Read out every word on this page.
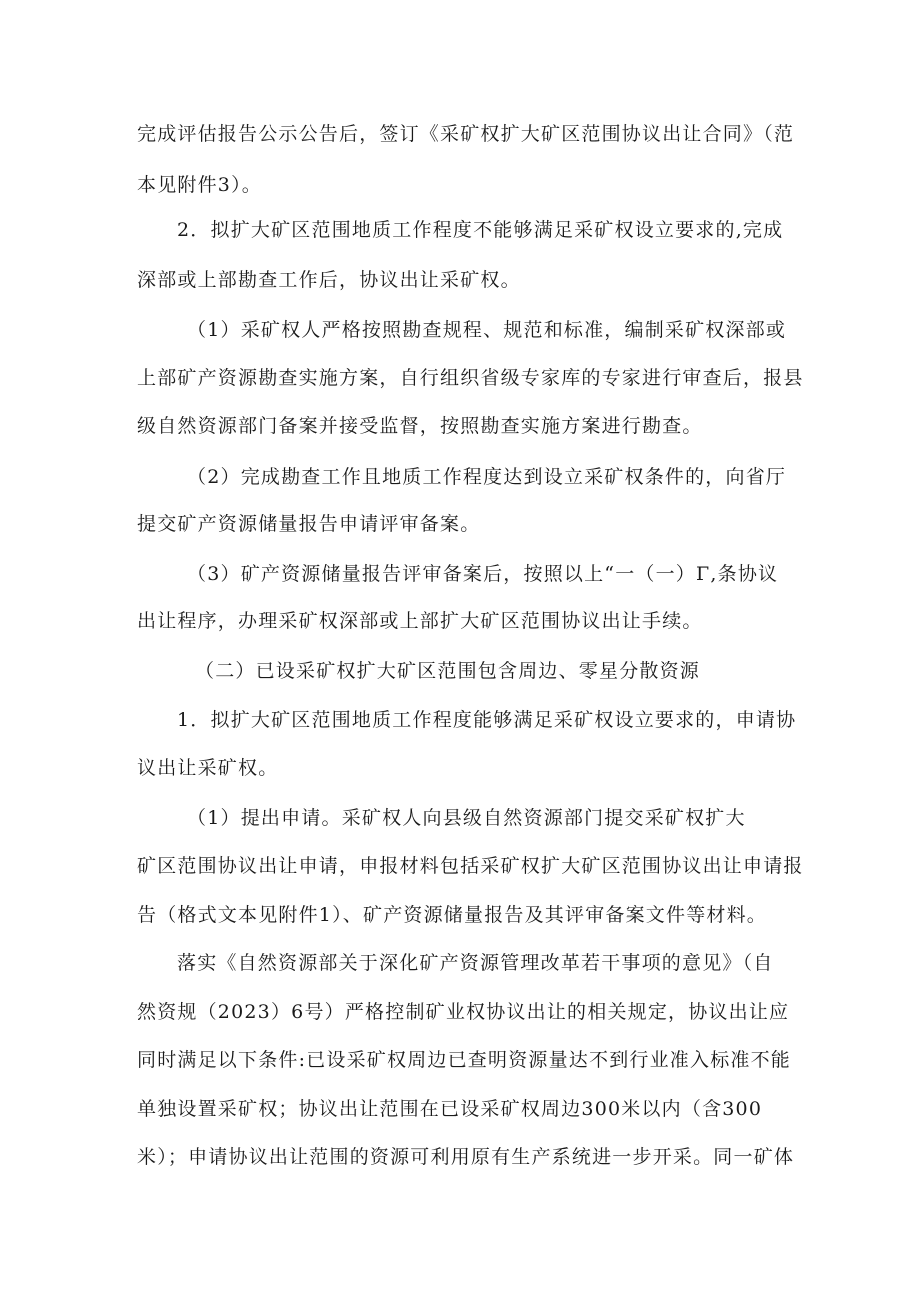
完成评估报告公示公告后，签订《采矿权扩大矿区范围协议出让合同》（范
本见附件3）。
2．拟扩大矿区范围地质工作程度不能够满足采矿权设立要求的,完成
深部或上部勘查工作后，协议出让采矿权。
（1）采矿权人严格按照勘查规程、规范和标准，编制采矿权深部或
上部矿产资源勘查实施方案，自行组织省级专家库的专家进行审查后，报县
级自然资源部门备案并接受监督，按照勘查实施方案进行勘查。
（2）完成勘查工作且地质工作程度达到设立采矿权条件的，向省厅
提交矿产资源储量报告申请评审备案。
（3）矿产资源储量报告评审备案后，按照以上“一（一）Γ,条协议
出让程序，办理采矿权深部或上部扩大矿区范围协议出让手续。
（二）已设采矿权扩大矿区范围包含周边、零星分散资源
1．拟扩大矿区范围地质工作程度能够满足采矿权设立要求的，申请协
议出让采矿权。
（1）提出申请。采矿权人向县级自然资源部门提交采矿权扩大
矿区范围协议出让申请，申报材料包括采矿权扩大矿区范围协议出让申请报
告（格式文本见附件1）、矿产资源储量报告及其评审备案文件等材料。
落实《自然资源部关于深化矿产资源管理改革若干事项的意见》（自
然资规（2023）6号）严格控制矿业权协议出让的相关规定，协议出让应
同时满足以下条件:已设采矿权周边已查明资源量达不到行业准入标准不能
单独设置采矿权；协议出让范围在已设采矿权周边300米以内（含300
米）；申请协议出让范围的资源可利用原有生产系统进一步开采。同一矿体
